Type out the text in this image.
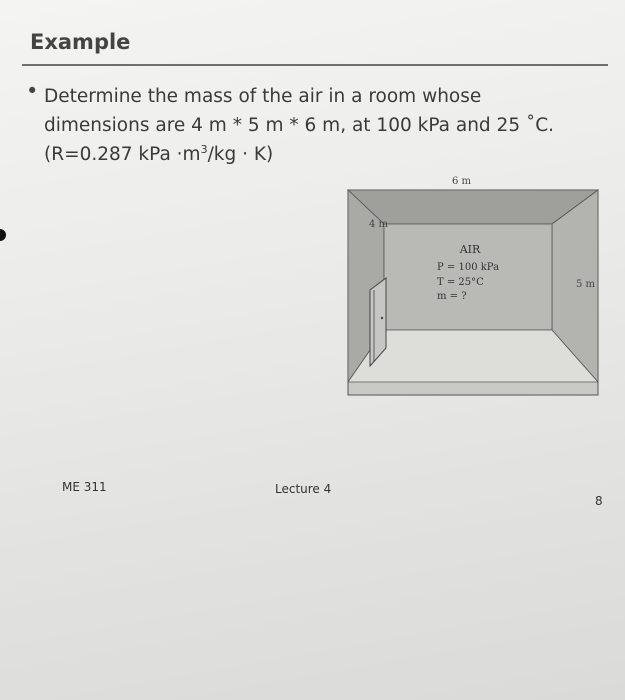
Example
• Determine the mass of the air in a room whose
dimensions are 4 m * 5 m * 6 m, at 100 kPa and 25 ˚C.
(R=0.287 kPa $\cdot m^3/kg \cdot K$)
6 m
4 m
5 m
AIR
P = 100 kPa
T = 25°C
m = ?
ME 311	Lecture 4
8
